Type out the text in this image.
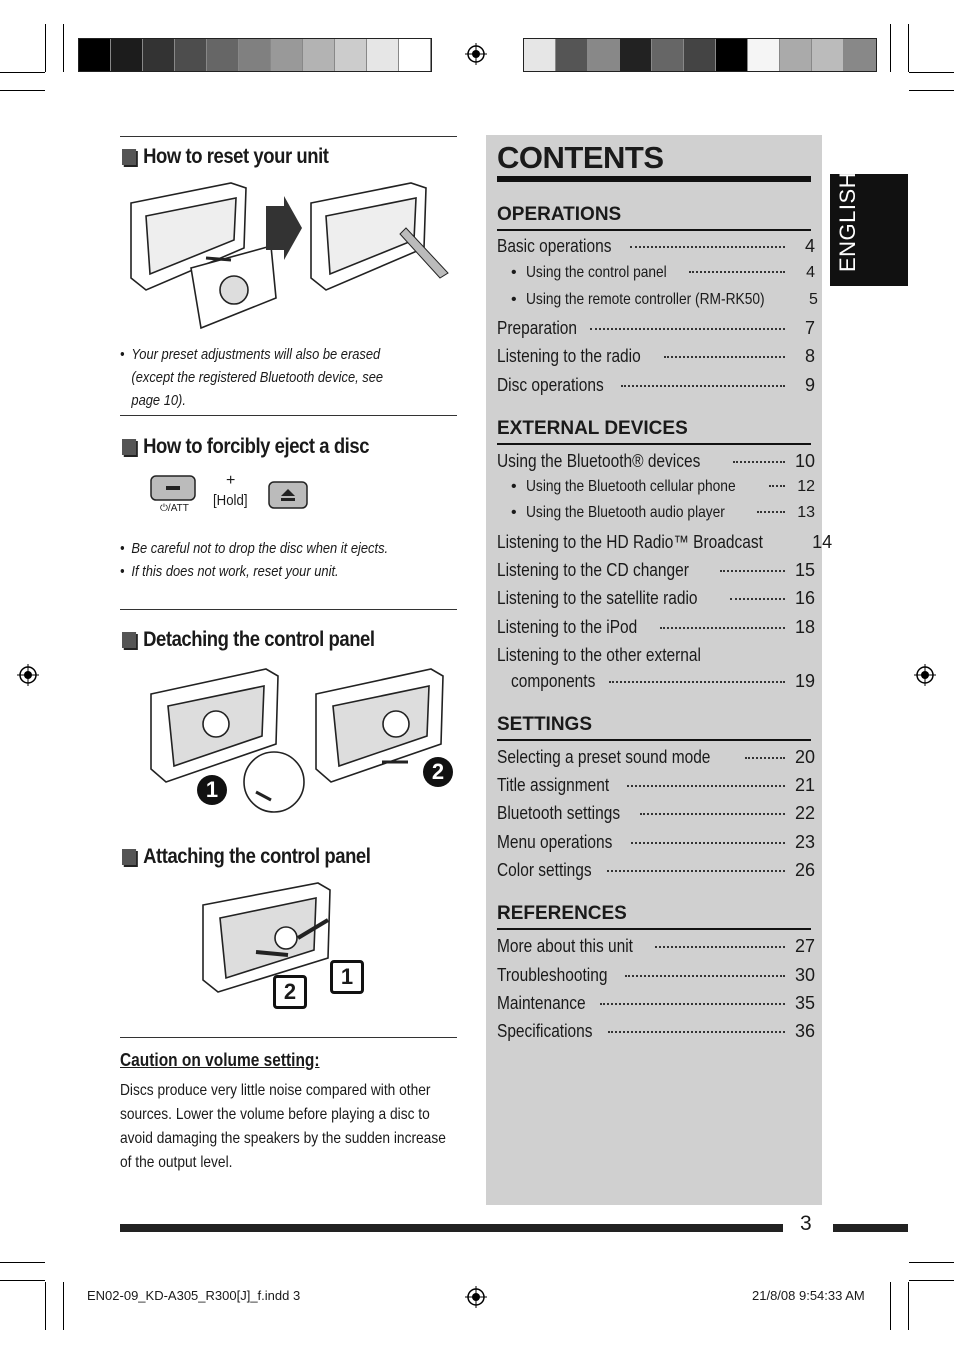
How to reset your unit
• Your preset adjustments will also be erased (except the registered Bluetooth device, see page 10).
How to forcibly eject a disc
⏻/ATT
+
[Hold]
• Be careful not to drop the disc when it ejects.
• If this does not work, reset your unit.
Detaching the control panel
1
2
Attaching the control panel
1
2
Caution on volume setting:
Discs produce very little noise compared with other sources. Lower the volume before playing a disc to avoid damaging the speakers by the sudden increase of the output level.
CONTENTS
OPERATIONS
Basic operations	4
• Using the control panel	4
• Using the remote controller (RM-RK50)	5
Preparation	7
Listening to the radio	8
Disc operations	9
EXTERNAL DEVICES
Using the Bluetooth® devices	10
• Using the Bluetooth cellular phone	12
• Using the Bluetooth audio player	13
Listening to the HD Radio™ Broadcast	14
Listening to the CD changer	15
Listening to the satellite radio	16
Listening to the iPod	18
Listening to the other external
components	19
SETTINGS
Selecting a preset sound mode	20
Title assignment	21
Bluetooth settings	22
Menu operations	23
Color settings	26
REFERENCES
More about this unit	27
Troubleshooting	30
Maintenance	35
Specifications	36
ENGLISH
3
EN02-09_KD-A305_R300[J]_f.indd 3	21/8/08 9:54:33 AM
